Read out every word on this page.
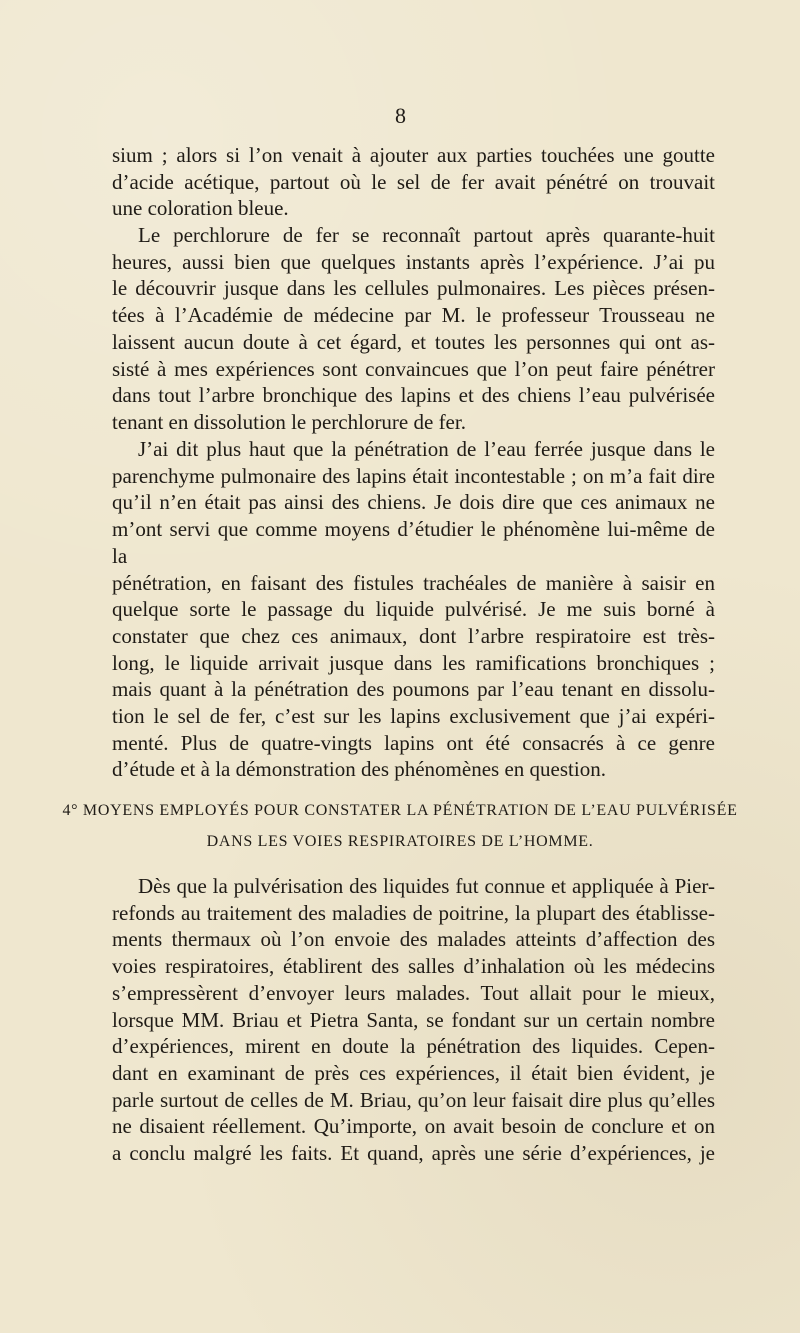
8

sium ; alors si l’on venait à ajouter aux parties touchées une goutte

d’acide acétique, partout où le sel de fer avait pénétré on trouvait

une coloration bleue.

Le perchlorure de fer se reconnaît partout après quarante-huit

heures, aussi bien que quelques instants après l’expérience. J’ai pu

le découvrir jusque dans les cellules pulmonaires. Les pièces présen-

tées à l’Académie de médecine par M. le professeur Trousseau ne

laissent aucun doute à cet égard, et toutes les personnes qui ont as-

sisté à mes expériences sont convaincues que l’on peut faire pénétrer

dans tout l’arbre bronchique des lapins et des chiens l’eau pulvérisée

tenant en dissolution le perchlorure de fer.

J’ai dit plus haut que la pénétration de l’eau ferrée jusque dans le

parenchyme pulmonaire des lapins était incontestable ; on m’a fait dire

qu’il n’en était pas ainsi des chiens. Je dois dire que ces animaux ne

m’ont servi que comme moyens d’étudier le phénomène lui-même de la

pénétration, en faisant des fistules trachéales de manière à saisir en

quelque sorte le passage du liquide pulvérisé. Je me suis borné à

constater que chez ces animaux, dont l’arbre respiratoire est très-

long, le liquide arrivait jusque dans les ramifications bronchiques ;

mais quant à la pénétration des poumons par l’eau tenant en dissolu-

tion le sel de fer, c’est sur les lapins exclusivement que j’ai expéri-

menté. Plus de quatre-vingts lapins ont été consacrés à ce genre

d’étude et à la démonstration des phénomènes en question.

4° MOYENS EMPLOYÉS POUR CONSTATER LA PÉNÉTRATION DE L’EAU PULVÉRISÉE
DANS LES VOIES RESPIRATOIRES DE L’HOMME.

Dès que la pulvérisation des liquides fut connue et appliquée à Pier-

refonds au traitement des maladies de poitrine, la plupart des établisse-

ments thermaux où l’on envoie des malades atteints d’affection des

voies respiratoires, établirent des salles d’inhalation où les médecins

s’empressèrent d’envoyer leurs malades. Tout allait pour le mieux,

lorsque MM. Briau et Pietra Santa, se fondant sur un certain nombre

d’expériences, mirent en doute la pénétration des liquides. Cepen-

dant en examinant de près ces expériences, il était bien évident, je

parle surtout de celles de M. Briau, qu’on leur faisait dire plus qu’elles

ne disaient réellement. Qu’importe, on avait besoin de conclure et on

a conclu malgré les faits. Et quand, après une série d’expériences, je
